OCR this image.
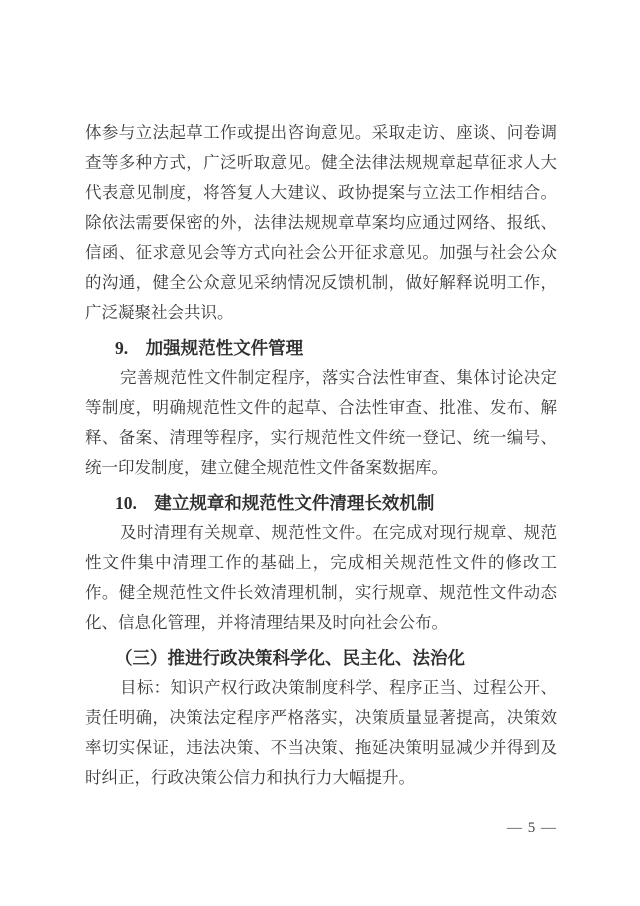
体参与立法起草工作或提出咨询意见。采取走访、座谈、问卷调
查等多种方式，广泛听取意见。健全法律法规规章起草征求人大
代表意见制度，将答复人大建议、政协提案与立法工作相结合。
除依法需要保密的外，法律法规规章草案均应通过网络、报纸、
信函、征求意见会等方式向社会公开征求意见。加强与社会公众
的沟通，健全公众意见采纳情况反馈机制，做好解释说明工作，
广泛凝聚社会共识。
9.　加强规范性文件管理
完善规范性文件制定程序，落实合法性审查、集体讨论决定
等制度，明确规范性文件的起草、合法性审查、批准、发布、解
释、备案、清理等程序，实行规范性文件统一登记、统一编号、
统一印发制度，建立健全规范性文件备案数据库。
10.　建立规章和规范性文件清理长效机制
及时清理有关规章、规范性文件。在完成对现行规章、规范
性文件集中清理工作的基础上，完成相关规范性文件的修改工
作。健全规范性文件长效清理机制，实行规章、规范性文件动态
化、信息化管理，并将清理结果及时向社会公布。
（三）推进行政决策科学化、民主化、法治化
目标：知识产权行政决策制度科学、程序正当、过程公开、
责任明确，决策法定程序严格落实，决策质量显著提高，决策效
率切实保证，违法决策、不当决策、拖延决策明显减少并得到及
时纠正，行政决策公信力和执行力大幅提升。
— 5 —
